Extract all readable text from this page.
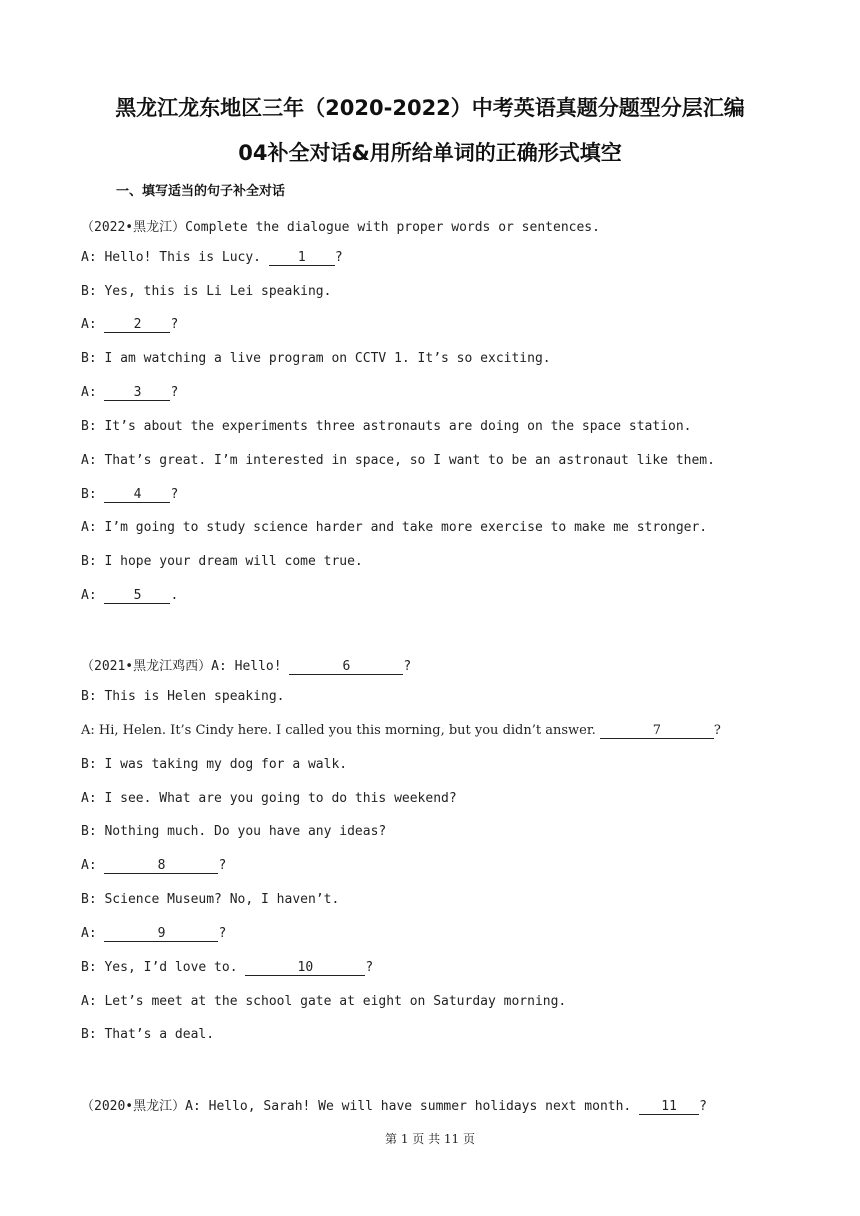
黑龙江龙东地区三年（2020-2022）中考英语真题分题型分层汇编
04补全对话&用所给单词的正确形式填空
一、填写适当的句子补全对话
（2022•黑龙江）Complete the dialogue with proper words or sentences.
A: Hello! This is Lucy. 1 ?
B: Yes, this is Li Lei speaking.
A: 2 ?
B: I am watching a live program on CCTV 1. It’s so exciting.
A: 3 ?
B: It’s about the experiments three astronauts are doing on the space station.
A: That’s great. I’m interested in space, so I want to be an astronaut like them.
B: 4 ?
A: I’m going to study science harder and take more exercise to make me stronger.
B: I hope your dream will come true.
A: 5 .
（2021•黑龙江鸡西）A: Hello!	6	?
B: This is Helen speaking.
A: Hi, Helen. It’s Cindy here. I called you this morning, but you didn’t answer.	7	?
B: I was taking my dog for a walk.
A: I see. What are you going to do this weekend?
B: Nothing much. Do you have any ideas?
A:	8	?
B: Science Museum? No, I haven’t.
A:	9	?
B: Yes, I’d love to.	10	?
A: Let’s meet at the school gate at eight on Saturday morning.
B: That’s a deal.
（2020•黑龙江）A: Hello, Sarah! We will have summer holidays next month. 11 ?
第 1 页 共 11 页
